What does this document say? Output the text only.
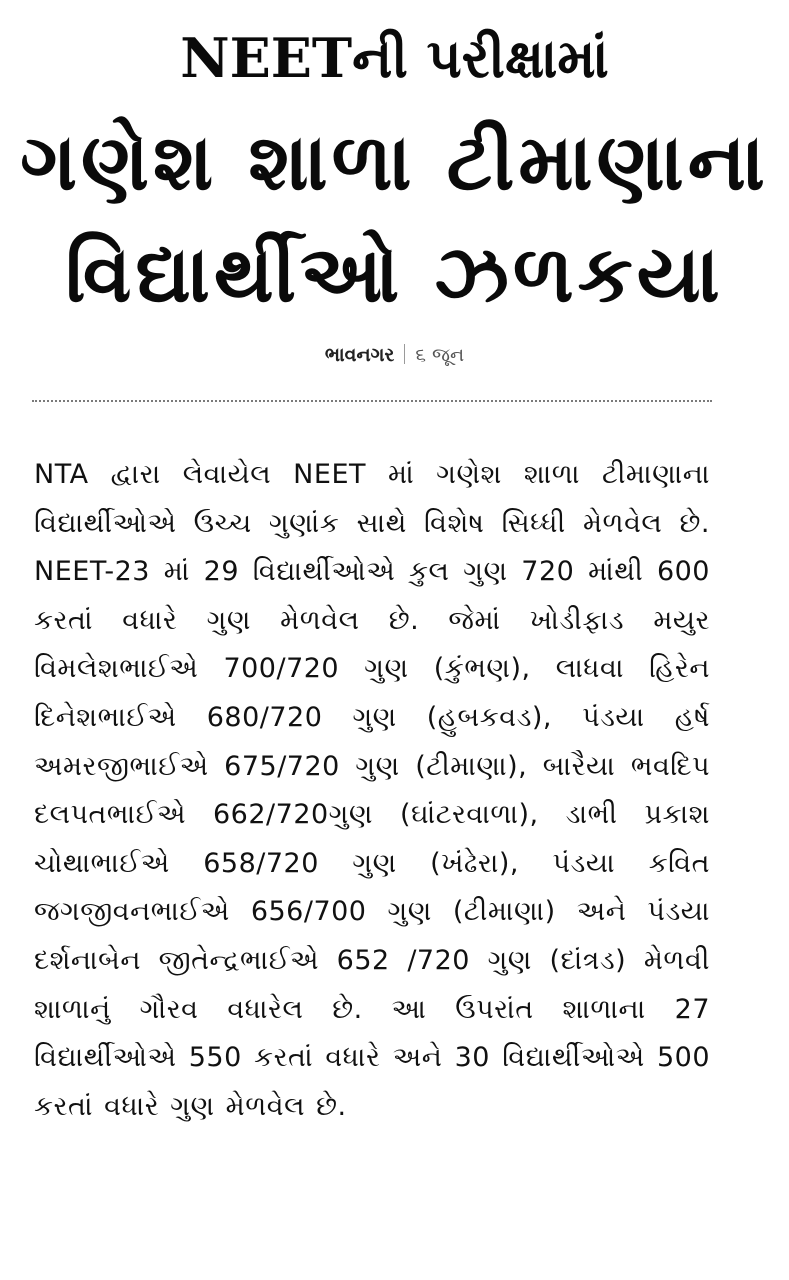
NEETની પરીક્ષામાં
ગણેશ શાળા ટીમાણાના
વિદ્યાર્થીઓ ઝળકયા
ભાવનગર ૬ જૂન

NTA દ્વારા લેવાયેલ NEET માં ગણેશ શાળા ટીમાણાના વિદ્યાર્થીઓએ ઉચ્ચ ગુણાંક સાથે વિશેષ સિધ્ધી મેળવેલ છે. NEET-23 માં 29 વિદ્યાર્થીઓએ કુલ ગુણ 720 માંથી 600 કરતાં વધારે ગુણ મેળવેલ છે. જેમાં ખોડીફાડ મયુર વિમલેશભાઈએ 700/720 ગુણ (કુંભણ), લાધવા હિરેન દિનેશભાઈએ 680/720 ગુણ (હુબકવડ), પંડયા હર્ષ અમરજીભાઈએ 675/720 ગુણ (ટીમાણા), બારૈયા ભવદિપ દલપતભાઈએ 662/720ગુણ (ઘાંટરવાળા), ડાભી પ્રકાશ ચોથાભાઈએ 658/720 ગુણ (ખંઢેરા), પંડયા કવિત જગજીવનભાઈએ 656/700 ગુણ (ટીમાણા) અને પંડયા દર્શનાબેન જીતેન્દ્રભાઈએ 652 /720 ગુણ (દાંત્રડ) મેળવી શાળાનું ગૌરવ વધારેલ છે. આ ઉપરાંત શાળાના 27 વિદ્યાર્થીઓએ 550 કરતાં વધારે અને 30 વિદ્યાર્થીઓએ 500 કરતાં વધારે ગુણ મેળવેલ છે.
